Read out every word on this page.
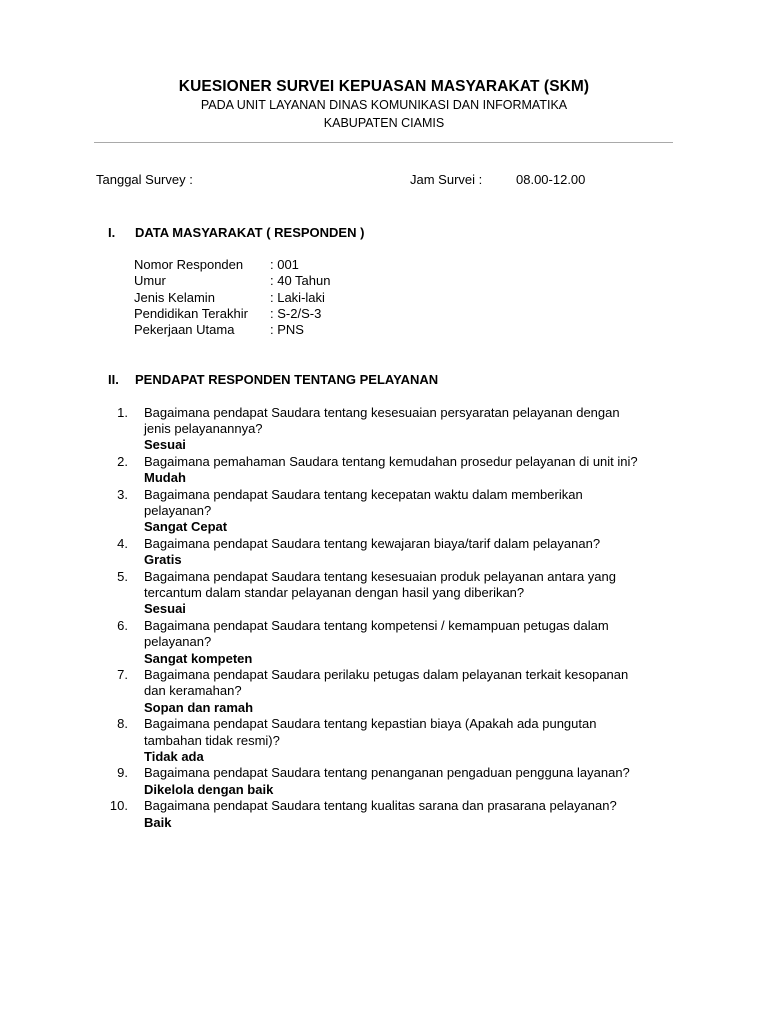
KUESIONER SURVEI KEPUASAN MASYARAKAT (SKM)
PADA UNIT LAYANAN DINAS KOMUNIKASI DAN INFORMATIKA
KABUPATEN CIAMIS
Tanggal Survey :	Jam Survei :	08.00-12.00
I. DATA MASYARAKAT ( RESPONDEN )
Nomor Responden : 001
Umur	: 40 Tahun
Jenis Kelamin	: Laki-laki
Pendidikan Terakhir : S-2/S-3
Pekerjaan Utama	: PNS
II. PENDAPAT RESPONDEN TENTANG PELAYANAN
1. Bagaimana pendapat Saudara tentang kesesuaian persyaratan pelayanan dengan
jenis pelayanannya?
Sesuai
2. Bagaimana pemahaman Saudara tentang kemudahan prosedur pelayanan di unit ini?
Mudah
3. Bagaimana pendapat Saudara tentang kecepatan waktu dalam memberikan
pelayanan?
Sangat Cepat
4. Bagaimana pendapat Saudara tentang kewajaran biaya/tarif dalam pelayanan?
Gratis
5. Bagaimana pendapat Saudara tentang kesesuaian produk pelayanan antara yang
tercantum dalam standar pelayanan dengan hasil yang diberikan?
Sesuai
6. Bagaimana pendapat Saudara tentang kompetensi / kemampuan petugas dalam
pelayanan?
Sangat kompeten
7. Bagaimana pendapat Saudara perilaku petugas dalam pelayanan terkait kesopanan
dan keramahan?
Sopan dan ramah
8. Bagaimana pendapat Saudara tentang kepastian biaya (Apakah ada pungutan
tambahan tidak resmi)?
Tidak ada
9. Bagaimana pendapat Saudara tentang penanganan pengaduan pengguna layanan?
Dikelola dengan baik
10. Bagaimana pendapat Saudara tentang kualitas sarana dan prasarana pelayanan?
Baik
